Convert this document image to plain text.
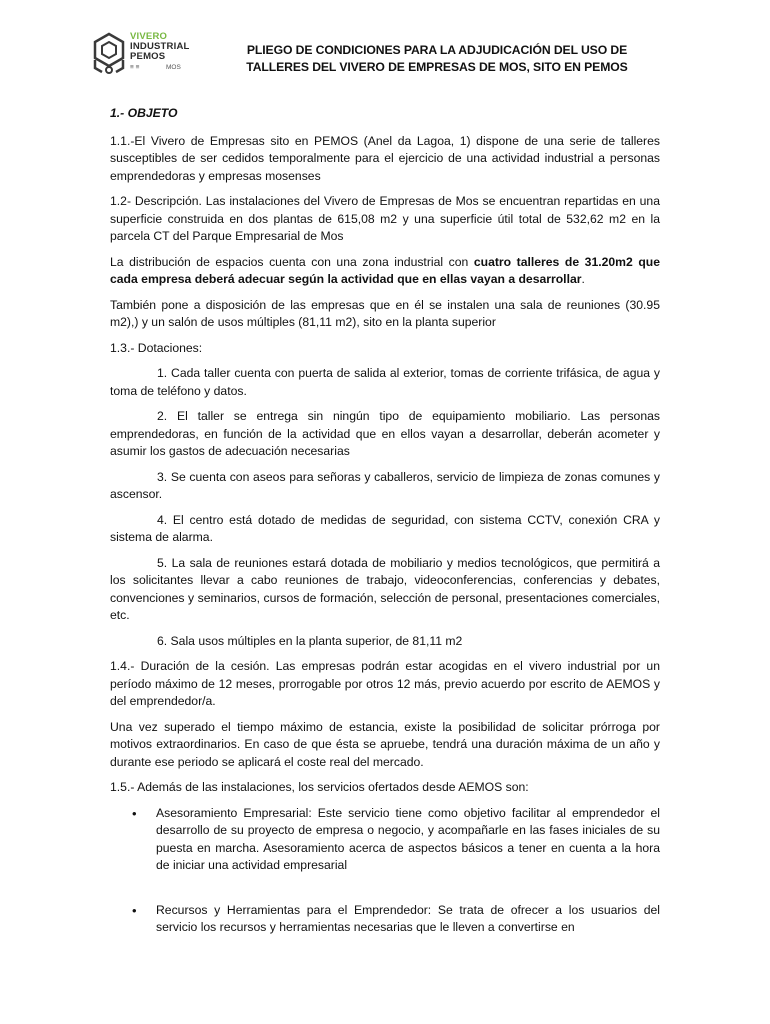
VIVERO
INDUSTRIAL
PEMOS
≡ ≡	MOS
PLIEGO DE CONDICIONES PARA LA ADJUDICACIÓN DEL USO DE
TALLERES DEL VIVERO DE EMPRESAS DE MOS, SITO EN PEMOS

1.- OBJETO

1.1.-El Vivero de Empresas sito en PEMOS (Anel da Lagoa, 1) dispone de una serie de talleres susceptibles de ser cedidos temporalmente para el ejercicio de una actividad industrial a personas emprendedoras y empresas mosenses

1.2- Descripción. Las instalaciones del Vivero de Empresas de Mos se encuentran repartidas en una superficie construida en dos plantas de 615,08 m2 y una superficie útil total de 532,62 m2 en la parcela CT del Parque Empresarial de Mos

La distribución de espacios cuenta con una zona industrial con cuatro talleres de 31.20m2 que cada empresa deberá adecuar según la actividad que en ellas vayan a desarrollar.

También pone a disposición de las empresas que en él se instalen una sala de reuniones (30.95 m2),) y un salón de usos múltiples (81,11 m2), sito en la planta superior

1.3.- Dotaciones:

1. Cada taller cuenta con puerta de salida al exterior, tomas de corriente trifásica, de agua y toma de teléfono y datos.

2. El taller se entrega sin ningún tipo de equipamiento mobiliario. Las personas emprendedoras, en función de la actividad que en ellos vayan a desarrollar, deberán acometer y asumir los gastos de adecuación necesarias

3. Se cuenta con aseos para señoras y caballeros, servicio de limpieza de zonas comunes y ascensor.

4. El centro está dotado de medidas de seguridad, con sistema CCTV, conexión CRA y sistema de alarma.

5. La sala de reuniones estará dotada de mobiliario y medios tecnológicos, que permitirá a los solicitantes llevar a cabo reuniones de trabajo, videoconferencias, conferencias y debates, convenciones y seminarios, cursos de formación, selección de personal, presentaciones comerciales, etc.

6. Sala usos múltiples en la planta superior, de 81,11 m2

1.4.- Duración de la cesión. Las empresas podrán estar acogidas en el vivero industrial por un período máximo de 12 meses, prorrogable por otros 12 más, previo acuerdo por escrito de AEMOS y del emprendedor/a.

Una vez superado el tiempo máximo de estancia, existe la posibilidad de solicitar prórroga por motivos extraordinarios. En caso de que ésta se apruebe, tendrá una duración máxima de un año y durante ese periodo se aplicará el coste real del mercado.

1.5.- Además de las instalaciones, los servicios ofertados desde AEMOS son:

• Asesoramiento Empresarial: Este servicio tiene como objetivo facilitar al emprendedor el desarrollo de su proyecto de empresa o negocio, y acompañarle en las fases iniciales de su puesta en marcha. Asesoramiento acerca de aspectos básicos a tener en cuenta a la hora de iniciar una actividad empresarial
• Recursos y Herramientas para el Emprendedor: Se trata de ofrecer a los usuarios del servicio los recursos y herramientas necesarias que le lleven a convertirse en
